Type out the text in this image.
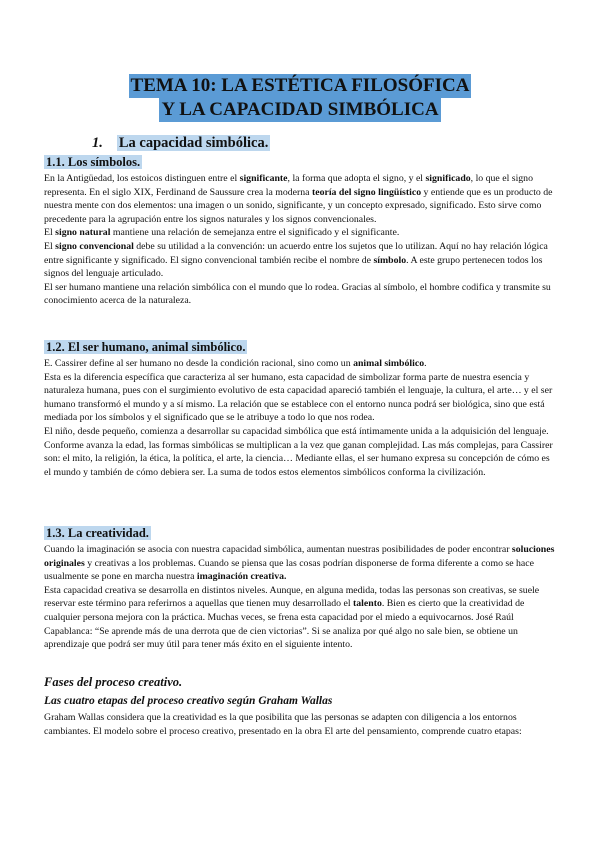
TEMA 10: LA ESTÉTICA FILOSÓFICA
Y LA CAPACIDAD SIMBÓLICA
1. La capacidad simbólica.
1.1. Los símbolos.

En la Antigüedad, los estoicos distinguen entre el significante, la forma que adopta el signo, y el significado, lo que el signo representa. En el siglo XIX, Ferdinand de Saussure crea la moderna teoría del signo lingüístico y entiende que es un producto de nuestra mente con dos elementos: una imagen o un sonido, significante, y un concepto expresado, significado. Esto sirve como precedente para la agrupación entre los signos naturales y los signos convencionales.

El signo natural mantiene una relación de semejanza entre el significado y el significante.

El signo convencional debe su utilidad a la convención: un acuerdo entre los sujetos que lo utilizan. Aquí no hay relación lógica entre significante y significado. El signo convencional también recibe el nombre de símbolo. A este grupo pertenecen todos los signos del lenguaje articulado.

El ser humano mantiene una relación simbólica con el mundo que lo rodea. Gracias al símbolo, el hombre codifica y transmite su conocimiento acerca de la naturaleza.

1.2. El ser humano, animal simbólico.

E. Cassirer define al ser humano no desde la condición racional, sino como un animal simbólico.

Esta es la diferencia específica que caracteriza al ser humano, esta capacidad de simbolizar forma parte de nuestra esencia y naturaleza humana, pues con el surgimiento evolutivo de esta capacidad apareció también el lenguaje, la cultura, el arte… y el ser humano transformó el mundo y a sí mismo. La relación que se establece con el entorno nunca podrá ser biológica, sino que está mediada por los símbolos y el significado que se le atribuye a todo lo que nos rodea.

El niño, desde pequeño, comienza a desarrollar su capacidad simbólica que está íntimamente unida a la adquisición del lenguaje. Conforme avanza la edad, las formas simbólicas se multiplican a la vez que ganan complejidad. Las más complejas, para Cassirer son: el mito, la religión, la ética, la política, el arte, la ciencia… Mediante ellas, el ser humano expresa su concepción de cómo es el mundo y también de cómo debiera ser. La suma de todos estos elementos simbólicos conforma la civilización.

1.3. La creatividad.

Cuando la imaginación se asocia con nuestra capacidad simbólica, aumentan nuestras posibilidades de poder encontrar soluciones originales y creativas a los problemas. Cuando se piensa que las cosas podrían disponerse de forma diferente a como se hace usualmente se pone en marcha nuestra imaginación creativa.

Esta capacidad creativa se desarrolla en distintos niveles. Aunque, en alguna medida, todas las personas son creativas, se suele reservar este término para referirnos a aquellas que tienen muy desarrollado el talento. Bien es cierto que la creatividad de cualquier persona mejora con la práctica. Muchas veces, se frena esta capacidad por el miedo a equivocarnos. José Raúl Capablanca: “Se aprende más de una derrota que de cien victorias”. Si se analiza por qué algo no sale bien, se obtiene un aprendizaje que podrá ser muy útil para tener más éxito en el siguiente intento.

Fases del proceso creativo.
Las cuatro etapas del proceso creativo según Graham Wallas

Graham Wallas considera que la creatividad es la que posibilita que las personas se adapten con diligencia a los entornos cambiantes. El modelo sobre el proceso creativo, presentado en la obra El arte del pensamiento, comprende cuatro etapas:
